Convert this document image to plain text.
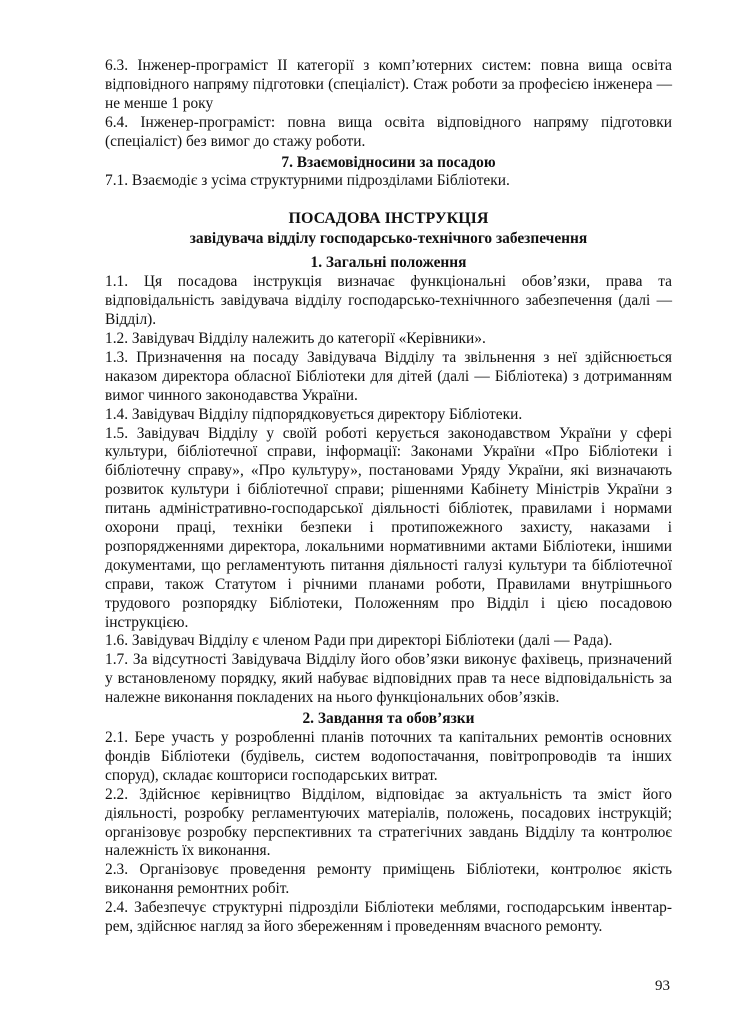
6.3. Інженер-програміст II категорії з комп’ютерних систем: повна вища освіта відповідного напряму підготовки (спеціаліст). Стаж роботи за професією інженера — не менше 1 року

6.4. Інженер-програміст: повна вища освіта відповідного напряму підготовки (спеціаліст) без вимог до стажу роботи.

7. Взаємовідносини за посадою

7.1. Взаємодіє з усіма структурними підрозділами Бібліотеки.

ПОСАДОВА ІНСТРУКЦІЯ
завідувача відділу господарсько-технічного забезпечення
1. Загальні положення

1.1. Ця посадова інструкція визначає функціональні обов’язки, права та відповідальність завідувача відділу господарсько-технічнного забезпечення (далі —Відділ).

1.2. Завідувач Відділу належить до категорії «Керівники».

1.3. Призначення на посаду Завідувача Відділу та звільнення з неї здійснюється наказом директора обласної Бібліотеки для дітей (далі — Бібліотека) з дотриманням вимог чинного законодавства України.

1.4. Завідувач Відділу підпорядковується директору Бібліотеки.

1.5. Завідувач Відділу у своїй роботі керується законодавством України у сфері культури, бібліотечної справи, інформації: Законами України «Про Бібліотеки і бібліотечну справу», «Про культуру», постановами Уряду України, які визначають розвиток культури і бібліотечної справи; рішеннями Кабінету Міністрів України з питань адміністративно-господарської діяльності бібліотек, правилами і нормами охорони праці, техніки безпеки і протипожежного захисту, наказами і розпорядженнями директора, локальними нормативними актами Бібліотеки, іншими документами, що регламентують питання діяльності галузі культури та бібліотечної справи, також Статутом і річними планами роботи, Правилами внутрішнього трудового розпорядку Бібліотеки, Положенням про Відділ і цією посадовою інструкцією.

1.6. Завідувач Відділу є членом Ради при директорі Бібліотеки (далі — Рада).

1.7. За відсутності Завідувача Відділу його обов’язки виконує фахівець, призначений у встановленому порядку, який набуває відповідних прав та несе відповідальність за належне виконання покладених на нього функціональних обов’язків.

2. Завдання та обов’язки

2.1. Бере участь у розробленні планів поточних та капітальних ремонтів основних фондів Бібліотеки (будівель, систем водопостачання, повітропроводів та інших споруд), складає кошториси господарських витрат.

2.2. Здійснює керівництво Відділом, відповідає за актуальність та зміст його діяльності, розробку регламентуючих матеріалів, положень, посадових інструкцій; організовує розробку перспективних та стратегічних завдань Відділу та контролює належність їх виконання.

2.3. Організовує проведення ремонту приміщень Бібліотеки, контролює якість виконання ремонтних робіт.

2.4. Забезпечує структурні підрозділи Бібліотеки меблями, господарським інвентаррем, здійснює нагляд за його збереженням і проведенням вчасного ремонту.

93
